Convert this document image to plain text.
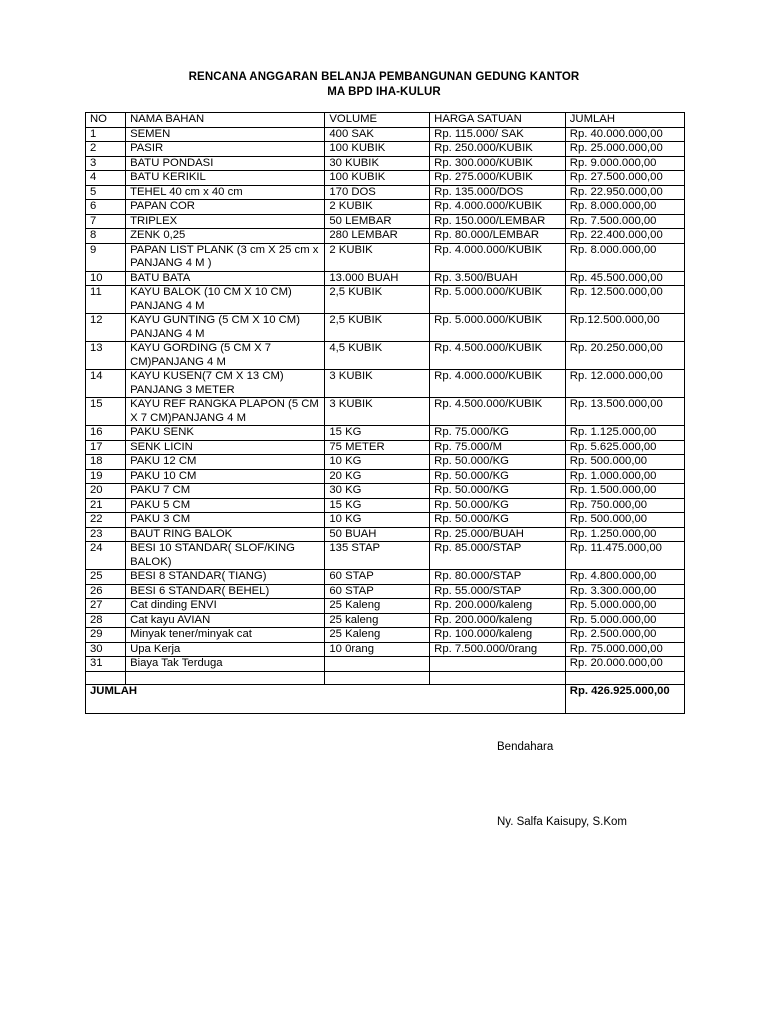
RENCANA ANGGARAN BELANJA PEMBANGUNAN GEDUNG KANTOR
MA BPD IHA-KULUR
NO	NAMA BAHAN	VOLUME	HARGA SATUAN	JUMLAH
1	SEMEN	400 SAK	Rp. 115.000/ SAK	Rp. 40.000.000,00
2	PASIR	100 KUBIK	Rp. 250.000/KUBIK	Rp. 25.000.000,00
3	BATU PONDASI	30 KUBIK	Rp. 300.000/KUBIK	Rp. 9.000.000,00
4	BATU KERIKIL	100 KUBIK	Rp. 275.000/KUBIK	Rp. 27.500.000,00
5	TEHEL 40 cm x 40 cm	170 DOS	Rp. 135.000/DOS	Rp. 22.950.000,00
6	PAPAN COR	2 KUBIK	Rp. 4.000.000/KUBIK	Rp. 8.000.000,00
7	TRIPLEX	50 LEMBAR	Rp. 150.000/LEMBAR	Rp. 7.500.000,00
8	ZENK 0,25	280 LEMBAR	Rp. 80.000/LEMBAR	Rp. 22.400.000,00
9	PAPAN LIST PLANK (3 cm X 25 cm x PANJANG 4 M )	2 KUBIK	Rp. 4.000.000/KUBIK	Rp. 8.000.000,00
10	BATU BATA	13.000 BUAH	Rp. 3.500/BUAH	Rp. 45.500.000,00
11	KAYU BALOK (10 CM X 10 CM) PANJANG 4 M	2,5 KUBIK	Rp. 5.000.000/KUBIK	Rp. 12.500.000,00
12	KAYU GUNTING (5 CM X 10 CM) PANJANG 4 M	2,5 KUBIK	Rp. 5.000.000/KUBIK	Rp.12.500.000,00
13	KAYU GORDING (5 CM X 7 CM)PANJANG 4 M	4,5 KUBIK	Rp. 4.500.000/KUBIK	Rp. 20.250.000,00
14	KAYU KUSEN(7 CM X 13 CM) PANJANG 3 METER	3 KUBIK	Rp. 4.000.000/KUBIK	Rp. 12.000.000,00
15	KAYU REF RANGKA PLAPON (5 CM X 7 CM)PANJANG 4 M	3 KUBIK	Rp. 4.500.000/KUBIK	Rp. 13.500.000,00
16	PAKU SENK	15 KG	Rp. 75.000/KG	Rp. 1.125.000,00
17	SENK LICIN	75 METER	Rp. 75.000/M	Rp. 5.625.000,00
18	PAKU 12 CM	10 KG	Rp. 50.000/KG	Rp. 500.000,00
19	PAKU 10 CM	20 KG	Rp. 50.000/KG	Rp. 1.000.000,00
20	PAKU 7 CM	30 KG	Rp. 50.000/KG	Rp. 1.500.000,00
21	PAKU 5 CM	15 KG	Rp. 50.000/KG	Rp. 750.000,00
22	PAKU 3 CM	10 KG	Rp. 50.000/KG	Rp. 500.000,00
23	BAUT RING BALOK	50 BUAH	Rp. 25.000/BUAH	Rp. 1.250.000,00
24	BESI 10 STANDAR( SLOF/KING BALOK)	135 STAP	Rp. 85.000/STAP	Rp. 11.475.000,00
25	BESI 8 STANDAR( TIANG)	60 STAP	Rp. 80.000/STAP	Rp. 4.800.000,00
26	BESI 6 STANDAR( BEHEL)	60 STAP	Rp. 55.000/STAP	Rp. 3.300.000,00
27	Cat dinding ENVI	25 Kaleng	Rp. 200.000/kaleng	Rp. 5.000.000,00
28	Cat kayu AVIAN	25 kaleng	Rp. 200.000/kaleng	Rp. 5.000.000,00
29	Minyak tener/minyak cat	25 Kaleng	Rp. 100.000/kaleng	Rp. 2.500.000,00
30	Upa Kerja	10 0rang	Rp. 7.500.000/0rang	Rp. 75.000.000,00
31	Biaya Tak Terduga			Rp. 20.000.000,00

JUMLAH				Rp. 426.925.000,00
Bendahara
Ny. Salfa Kaisupy, S.Kom
